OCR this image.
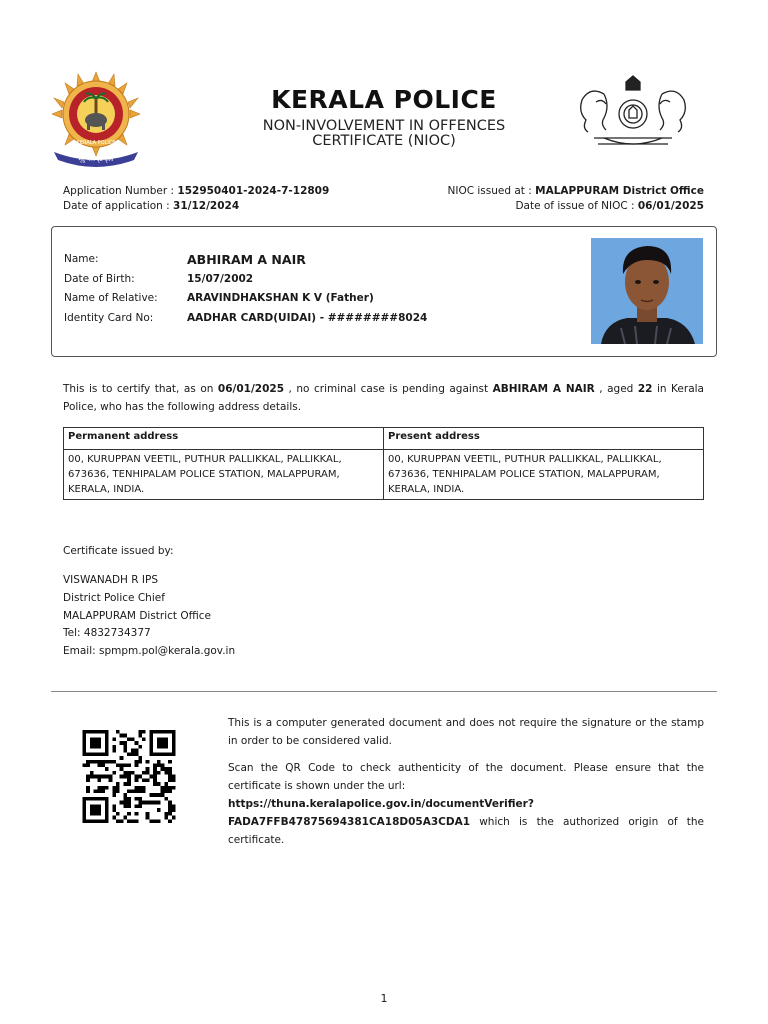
KERALA POLICE
मृदु भावे दृढ कृत्ये
KERALA POLICE
NON-INVOLVEMENT IN OFFENCES
CERTIFICATE (NIOC)
Application Number : 152950401-2024-7-12809
Date of application : 31/12/2024
NIOC issued at : MALAPPURAM District Office
Date of issue of NIOC : 06/01/2025
Name:	ABHIRAM A NAIR
Date of Birth:	15/07/2002
Name of Relative:	ARAVINDHAKSHAN K V (Father)
Identity Card No:	AADHAR CARD(UIDAI) - ########8024
This is to certify that, as on 06/01/2025 , no criminal case is pending against ABHIRAM A NAIR , aged 22 in Kerala Police, who has the following address details.
Permanent address	Present address
00, KURUPPAN VEETIL, PUTHUR PALLIKKAL, PALLIKKAL, 673636, TENHIPALAM POLICE STATION, MALAPPURAM, KERALA, INDIA.	00, KURUPPAN VEETIL, PUTHUR PALLIKKAL, PALLIKKAL, 673636, TENHIPALAM POLICE STATION, MALAPPURAM, KERALA, INDIA.
Certificate issued by:
VISWANADH R IPS
District Police Chief
MALAPPURAM District Office
Tel: 4832734377
Email: spmpm.pol@kerala.gov.in

This is a computer generated document and does not require the signature or the stamp in order to be considered valid.

Scan the QR Code to check authenticity of the document. Please ensure that the certificate is shown under the url:
https://thuna.keralapolice.gov.in/documentVerifier?
FADA7FFB47875694381CA18D05A3CDA1 which is the authorized origin of the certificate.

1
